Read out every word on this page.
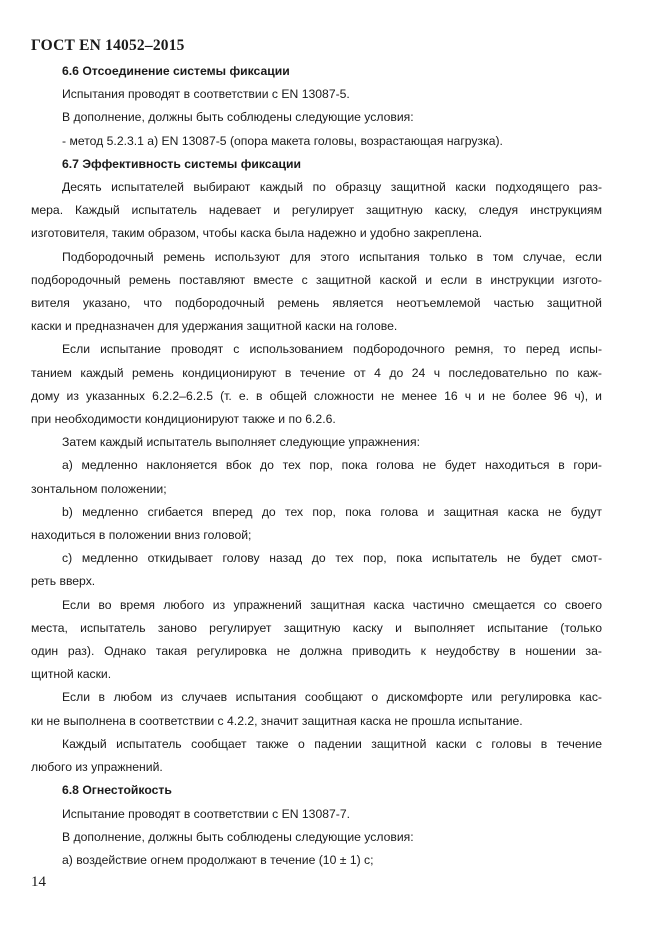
ГОСТ EN 14052–2015
6.6 Отсоединение системы фиксации
Испытания проводят в соответствии с EN 13087-5.
В дополнение, должны быть соблюдены следующие условия:
- метод 5.2.3.1 а) EN 13087-5 (опора макета головы, возрастающая нагрузка).
6.7 Эффективность системы фиксации
Десять испытателей выбирают каждый по образцу защитной каски подходящего раз-
мера. Каждый испытатель надевает и регулирует защитную каску, следуя инструкциям
изготовителя, таким образом, чтобы каска была надежно и удобно закреплена.
Подбородочный ремень используют для этого испытания только в том случае, если
подбородочный ремень поставляют вместе с защитной каской и если в инструкции изгото-
вителя указано, что подбородочный ремень является неотъемлемой частью защитной
каски и предназначен для удержания защитной каски на голове.
Если испытание проводят с использованием подбородочного ремня, то перед испы-
танием каждый ремень кондиционируют в течение от 4 до 24 ч последовательно по каж-
дому из указанных 6.2.2–6.2.5 (т. е. в общей сложности не менее 16 ч и не более 96 ч), и
при необходимости кондиционируют также и по 6.2.6.
Затем каждый испытатель выполняет следующие упражнения:
а) медленно наклоняется вбок до тех пор, пока голова не будет находиться в гори-
зонтальном положении;
b) медленно сгибается вперед до тех пор, пока голова и защитная каска не будут
находиться в положении вниз головой;
с) медленно откидывает голову назад до тех пор, пока испытатель не будет смот-
реть вверх.
Если во время любого из упражнений защитная каска частично смещается со своего
места, испытатель заново регулирует защитную каску и выполняет испытание (только
один раз). Однако такая регулировка не должна приводить к неудобству в ношении за-
щитной каски.
Если в любом из случаев испытания сообщают о дискомфорте или регулировка кас-
ки не выполнена в соответствии с 4.2.2, значит защитная каска не прошла испытание.
Каждый испытатель сообщает также о падении защитной каски с головы в течение
любого из упражнений.
6.8 Огнестойкость
Испытание проводят в соответствии с EN 13087-7.
В дополнение, должны быть соблюдены следующие условия:
а) воздействие огнем продолжают в течение (10 ± 1) с;
14
